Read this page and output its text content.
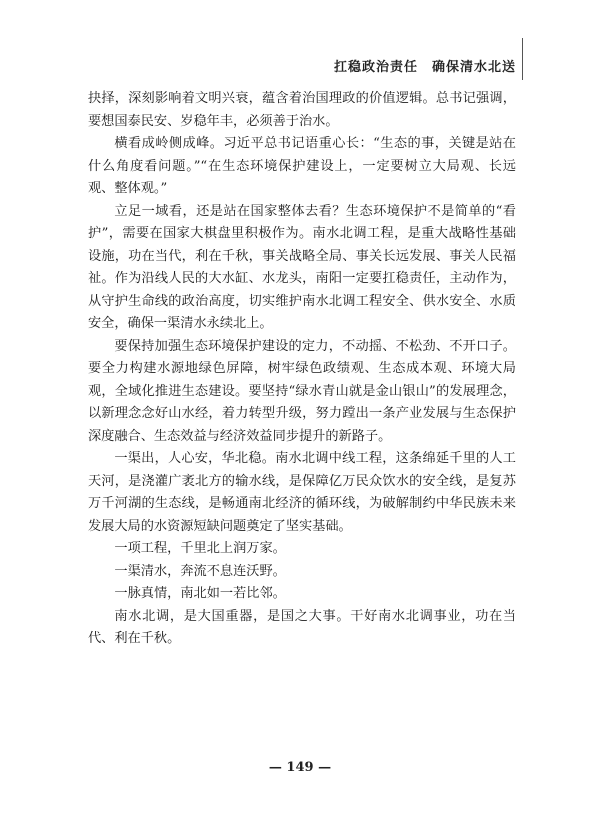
扛稳政治责任 确保清水北送

抉择，深刻影响着文明兴衰，蕴含着治国理政的价值逻辑。总书记强调，要想国泰民安、岁稳年丰，必须善于治水。

横看成岭侧成峰。习近平总书记语重心长：“生态的事，关键是站在什么角度看问题。”“在生态环境保护建设上，一定要树立大局观、长远观、整体观。”

立足一域看，还是站在国家整体去看？生态环境保护不是简单的“看护”，需要在国家大棋盘里积极作为。南水北调工程，是重大战略性基础设施，功在当代，利在千秋，事关战略全局、事关长远发展、事关人民福祉。作为沿线人民的大水缸、水龙头，南阳一定要扛稳责任，主动作为，从守护生命线的政治高度，切实维护南水北调工程安全、供水安全、水质安全，确保一渠清水永续北上。

要保持加强生态环境保护建设的定力，不动摇、不松劲、不开口子。要全力构建水源地绿色屏障，树牢绿色政绩观、生态成本观、环境大局观，全域化推进生态建设。要坚持“绿水青山就是金山银山”的发展理念，以新理念念好山水经，着力转型升级，努力蹚出一条产业发展与生态保护深度融合、生态效益与经济效益同步提升的新路子。

一渠出，人心安，华北稳。南水北调中线工程，这条绵延千里的人工天河，是浇灌广袤北方的输水线，是保障亿万民众饮水的安全线，是复苏万千河湖的生态线，是畅通南北经济的循环线，为破解制约中华民族未来发展大局的水资源短缺问题奠定了坚实基础。

一项工程，千里北上润万家。

一渠清水，奔流不息连沃野。

一脉真情，南北如一若比邻。

南水北调，是大国重器，是国之大事。干好南水北调事业，功在当代、利在千秋。

— 149 —
